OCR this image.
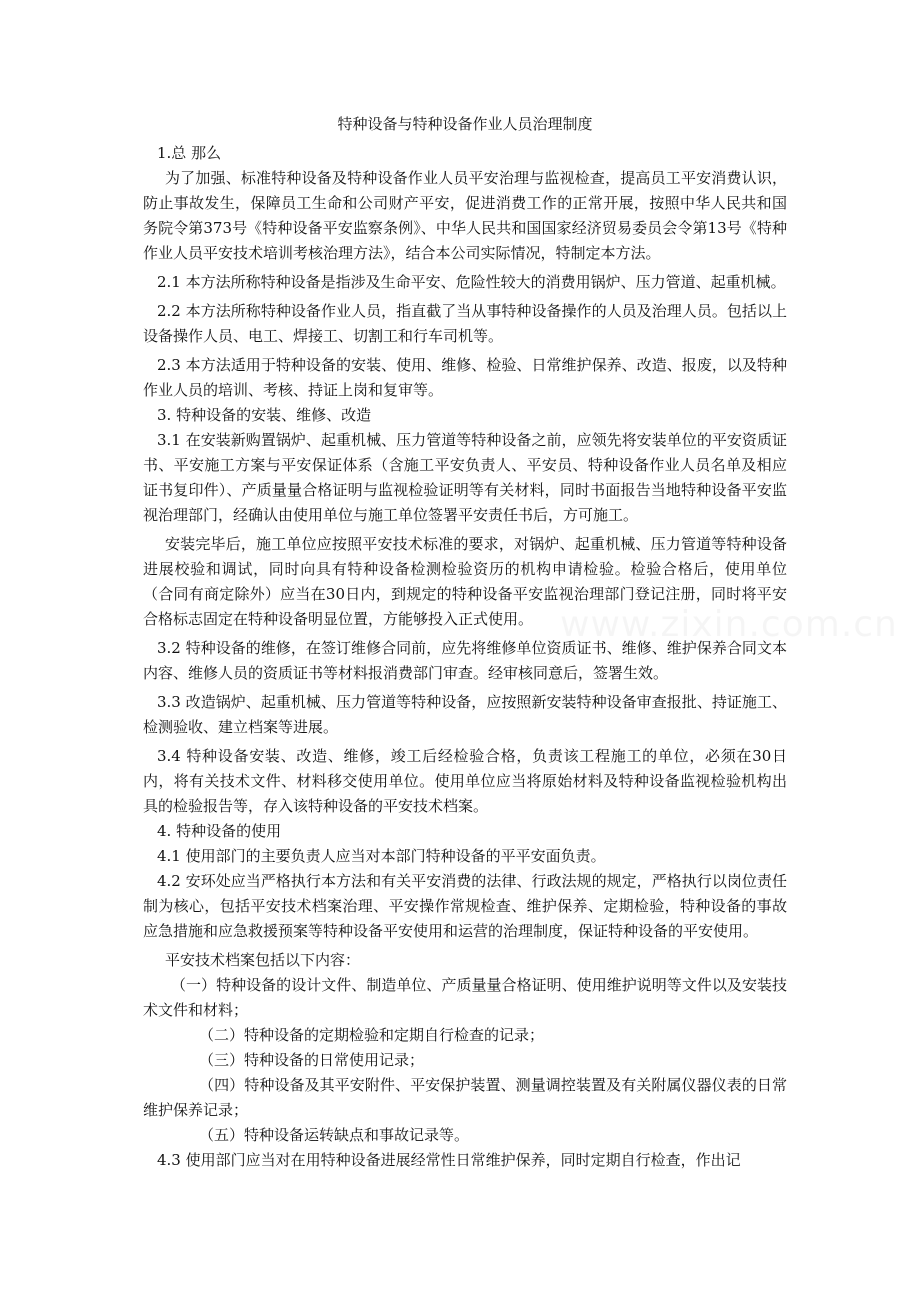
特种设备与特种设备作业人员治理制度

1.总 那么

为了加强、标准特种设备及特种设备作业人员平安治理与监视检查，提高员工平安消费认识，防止事故发生，保障员工生命和公司财产平安，促进消费工作的正常开展，按照中华人民共和国务院令第373号《特种设备平安监察条例》、中华人民共和国国家经济贸易委员会令第13号《特种作业人员平安技术培训考核治理方法》，结合本公司实际情况，特制定本方法。

2.1 本方法所称特种设备是指涉及生命平安、危险性较大的消费用锅炉、压力管道、起重机械。

2.2 本方法所称特种设备作业人员，指直截了当从事特种设备操作的人员及治理人员。包括以上设备操作人员、电工、焊接工、切割工和行车司机等。

2.3 本方法适用于特种设备的安装、使用、维修、检验、日常维护保养、改造、报废，以及特种作业人员的培训、考核、持证上岗和复审等。

3. 特种设备的安装、维修、改造

3.1 在安装新购置锅炉、起重机械、压力管道等特种设备之前，应领先将安装单位的平安资质证书、平安施工方案与平安保证体系（含施工平安负责人、平安员、特种设备作业人员名单及相应证书复印件）、产质量量合格证明与监视检验证明等有关材料，同时书面报告当地特种设备平安监视治理部门，经确认由使用单位与施工单位签署平安责任书后，方可施工。

安装完毕后，施工单位应按照平安技术标准的要求，对锅炉、起重机械、压力管道等特种设备进展校验和调试，同时向具有特种设备检测检验资历的机构申请检验。检验合格后，使用单位（合同有商定除外）应当在30日内，到规定的特种设备平安监视治理部门登记注册，同时将平安合格标志固定在特种设备明显位置，方能够投入正式使用。

3.2 特种设备的维修，在签订维修合同前，应先将维修单位资质证书、维修、维护保养合同文本内容、维修人员的资质证书等材料报消费部门审查。经审核同意后，签署生效。

3.3 改造锅炉、起重机械、压力管道等特种设备，应按照新安装特种设备审查报批、持证施工、检测验收、建立档案等进展。

3.4 特种设备安装、改造、维修，竣工后经检验合格，负责该工程施工的单位，必须在30日内，将有关技术文件、材料移交使用单位。使用单位应当将原始材料及特种设备监视检验机构出具的检验报告等，存入该特种设备的平安技术档案。

4. 特种设备的使用

4.1 使用部门的主要负责人应当对本部门特种设备的平平安面负责。

4.2 安环处应当严格执行本方法和有关平安消费的法律、行政法规的规定，严格执行以岗位责任制为核心，包括平安技术档案治理、平安操作常规检查、维护保养、定期检验，特种设备的事故应急措施和应急救援预案等特种设备平安使用和运营的治理制度，保证特种设备的平安使用。

平安技术档案包括以下内容：

（一）特种设备的设计文件、制造单位、产质量量合格证明、使用维护说明等文件以及安装技术文件和材料；

（二）特种设备的定期检验和定期自行检查的记录；

（三）特种设备的日常使用记录；

（四）特种设备及其平安附件、平安保护装置、测量调控装置及有关附属仪器仪表的日常维护保养记录；

（五）特种设备运转缺点和事故记录等。

4.3 使用部门应当对在用特种设备进展经常性日常维护保养，同时定期自行检查，作出记
